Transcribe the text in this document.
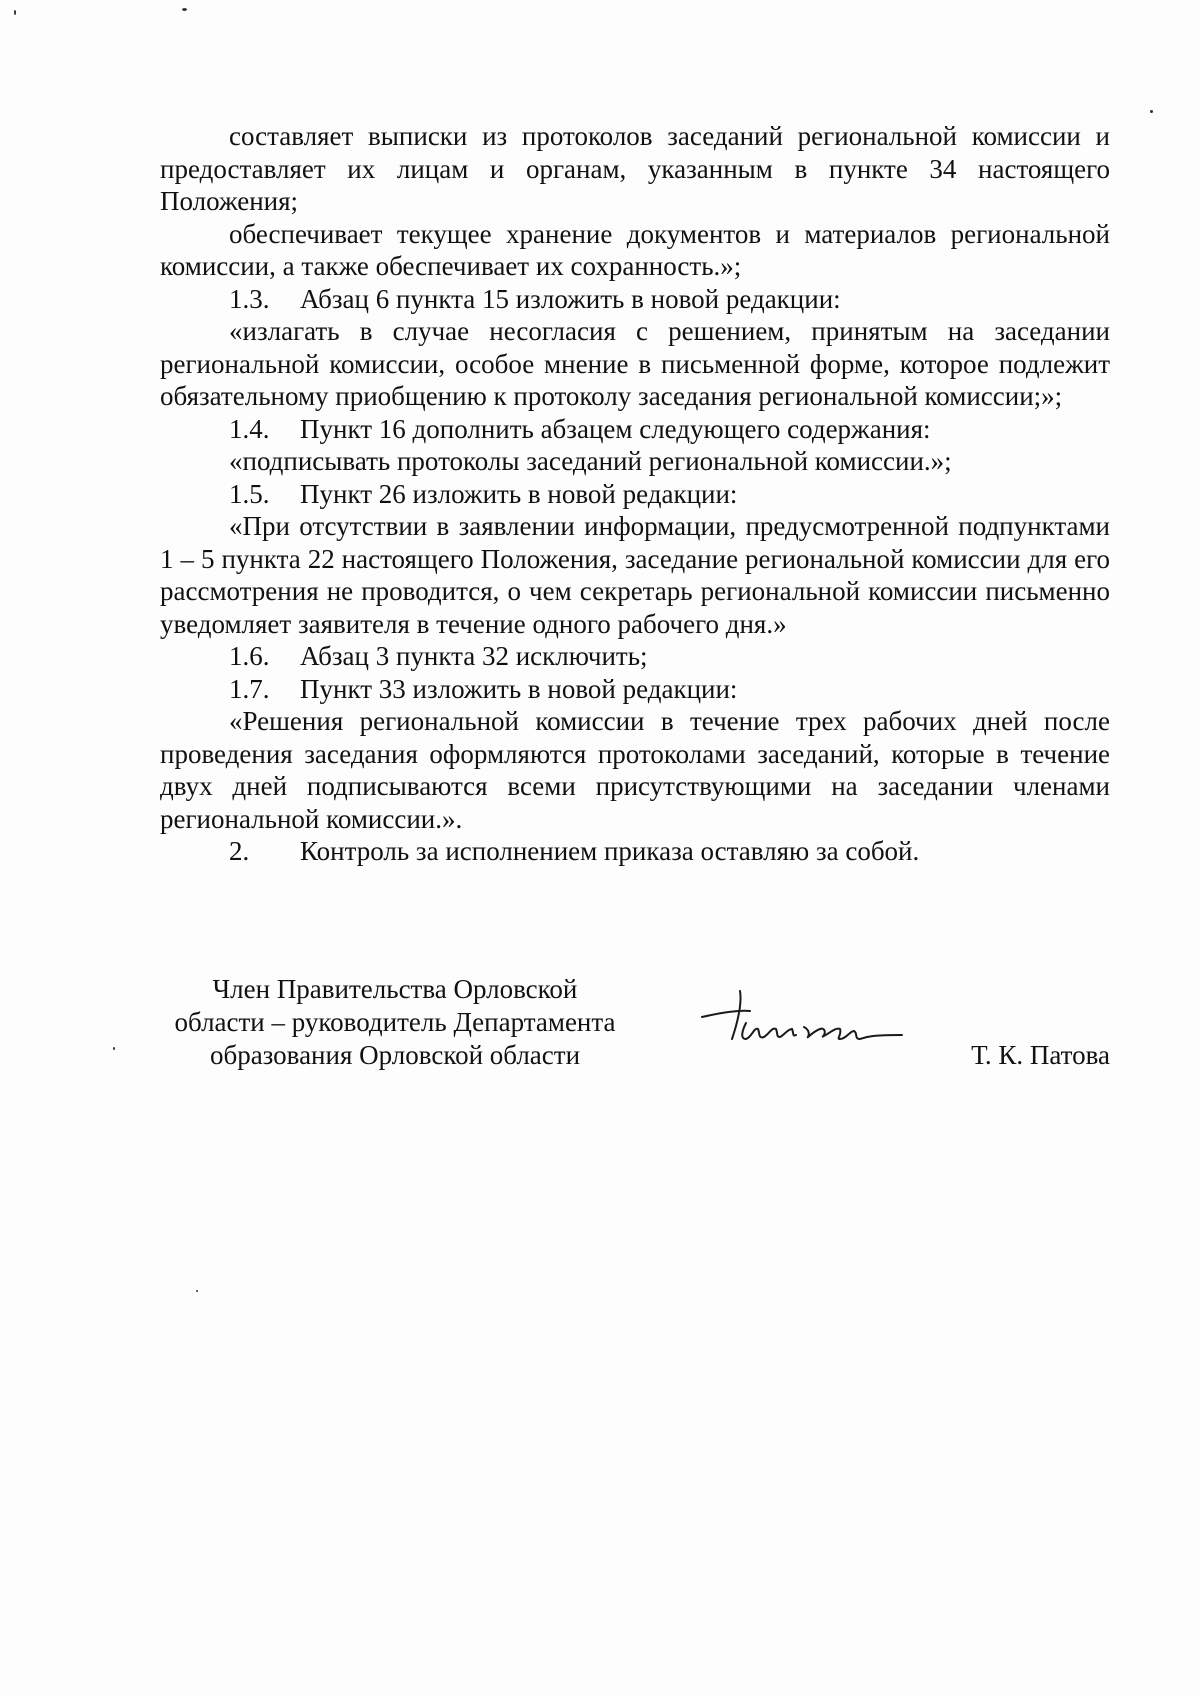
составляет выписки из протоколов заседаний региональной комиссии и предоставляет их лицам и органам, указанным в пункте 34 настоящего Положения;

обеспечивает текущее хранение документов и материалов региональной комиссии, а также обеспечивает их сохранность.»;

1.3.	Абзац 6 пункта 15 изложить в новой редакции:

«излагать в случае несогласия с решением, принятым на заседании региональной комиссии, особое мнение в письменной форме, которое подлежит обязательному приобщению к протоколу заседания региональной комиссии;»;

1.4.	Пункт 16 дополнить абзацем следующего содержания:

«подписывать протоколы заседаний региональной комиссии.»;

1.5.	Пункт 26 изложить в новой редакции:

«При отсутствии в заявлении информации, предусмотренной подпунктами 1 – 5 пункта 22 настоящего Положения, заседание региональной комиссии для его рассмотрения не проводится, о чем секретарь региональной комиссии письменно уведомляет заявителя в течение одного рабочего дня.»

1.6.	Абзац 3 пункта 32 исключить;

1.7.	Пункт 33 изложить в новой редакции:

«Решения региональной комиссии в течение трех рабочих дней после проведения заседания оформляются протоколами заседаний, которые в течение двух дней подписываются всеми присутствующими на заседании членами региональной комиссии.».

2.	Контроль за исполнением приказа оставляю за собой.

Член Правительства Орловской
области – руководитель Департамента
образования Орловской области	Т. К. Патова
